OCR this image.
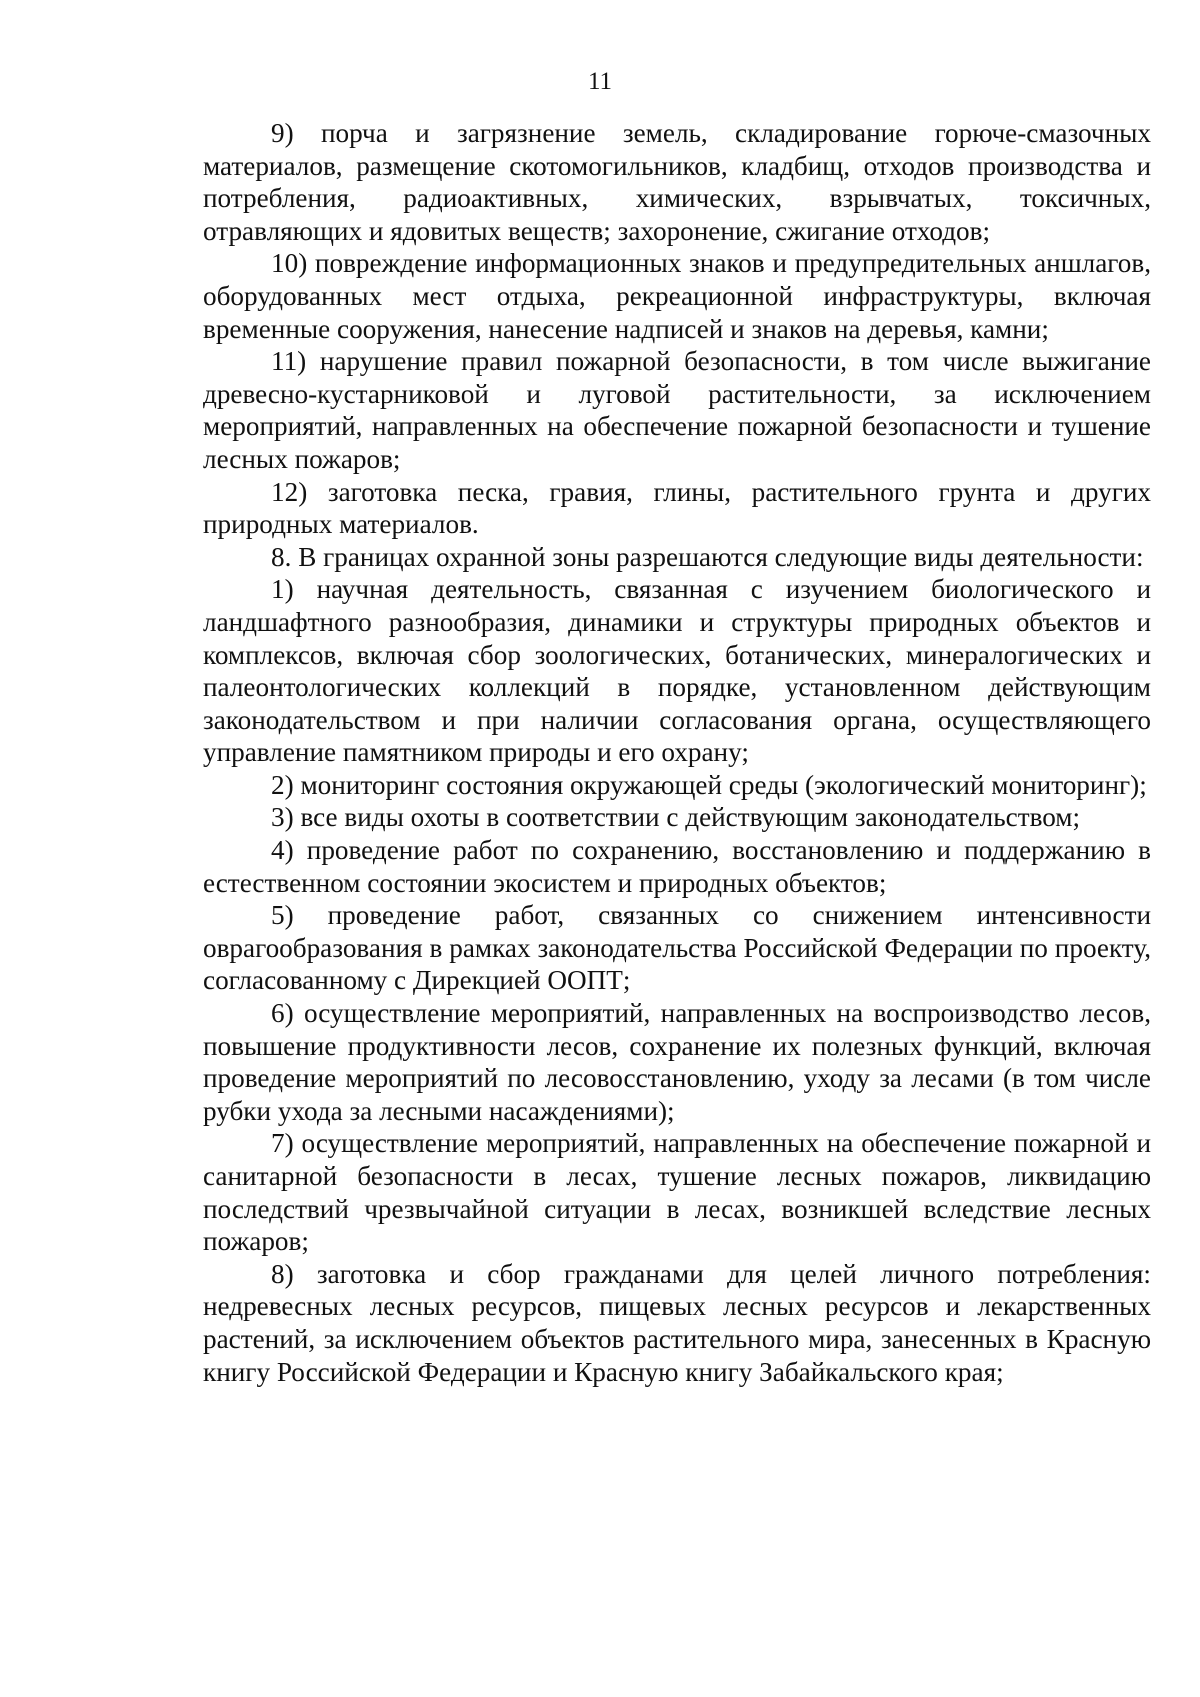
11

9) порча и загрязнение земель, складирование горюче-смазочных материалов, размещение скотомогильников, кладбищ, отходов производства и потребления, радиоактивных, химических, взрывчатых, токсичных, отравляющих и ядовитых веществ; захоронение, сжигание отходов;

10) повреждение информационных знаков и предупредительных аншлагов, оборудованных мест отдыха, рекреационной инфраструктуры, включая временные сооружения, нанесение надписей и знаков на деревья, камни;

11) нарушение правил пожарной безопасности, в том числе выжигание древесно-кустарниковой и луговой растительности, за исключением мероприятий, направленных на обеспечение пожарной безопасности и тушение лесных пожаров;

12) заготовка песка, гравия, глины, растительного грунта и других природных материалов.

8. В границах охранной зоны разрешаются следующие виды деятельности:

1) научная деятельность, связанная с изучением биологического и ландшафтного разнообразия, динамики и структуры природных объектов и комплексов, включая сбор зоологических, ботанических, минералогических и палеонтологических коллекций в порядке, установленном действующим законодательством и при наличии согласования органа, осуществляющего управление памятником природы и его охрану;

2) мониторинг состояния окружающей среды (экологический мониторинг);

3) все виды охоты в соответствии с действующим законодательством;

4) проведение работ по сохранению, восстановлению и поддержанию в естественном состоянии экосистем и природных объектов;

5) проведение работ, связанных со снижением интенсивности оврагообразования в рамках законодательства Российской Федерации по проекту, согласованному с Дирекцией ООПТ;

6) осуществление мероприятий, направленных на воспроизводство лесов, повышение продуктивности лесов, сохранение их полезных функций, включая проведение мероприятий по лесовосстановлению, уходу за лесами (в том числе рубки ухода за лесными насаждениями);

7) осуществление мероприятий, направленных на обеспечение пожарной и санитарной безопасности в лесах, тушение лесных пожаров, ликвидацию последствий чрезвычайной ситуации в лесах, возникшей вследствие лесных пожаров;

8) заготовка и сбор гражданами для целей личного потребления: недревесных лесных ресурсов, пищевых лесных ресурсов и лекарственных растений, за исключением объектов растительного мира, занесенных в Красную книгу Российской Федерации и Красную книгу Забайкальского края;
